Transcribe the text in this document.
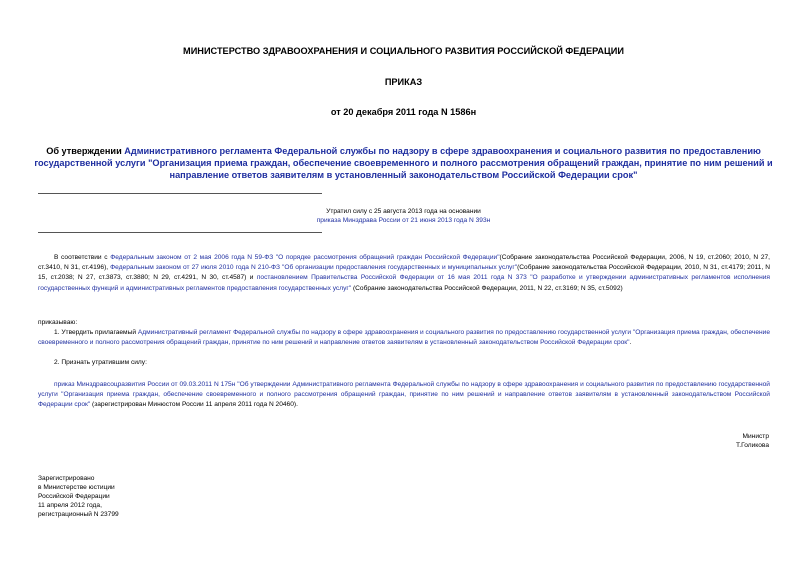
МИНИСТЕРСТВО ЗДРАВООХРАНЕНИЯ И СОЦИАЛЬНОГО РАЗВИТИЯ РОССИЙСКОЙ ФЕДЕРАЦИИ
ПРИКАЗ
от 20 декабря 2011 года N 1586н
Об утверждении Административного регламента Федеральной службы по надзору в сфере здравоохранения и социального развития по предоставлению
государственной услуги "Организация приема граждан, обеспечение своевременного и полного рассмотрения обращений граждан, принятие по ним решений и
направление ответов заявителям в установленный законодательством Российской Федерации срок"
Утратил силу с 25 августа 2013 года на основании
приказа Минздрава России от 21 июня 2013 года N 393н
В соответствии с Федеральным законом от 2 мая 2006 года N 59-ФЗ "О порядке рассмотрения обращений граждан Российской Федерации"(Собрание законодательства Российской Федерации, 2006, N 19, ст.2060; 2010, N 27, ст.3410, N 31, ст.4196), Федеральным законом от 27 июля 2010 года N 210-ФЗ "Об организации предоставления государственных и муниципальных услуг"(Собрание законодательства Российской Федерации, 2010, N 31, ст.4179; 2011, N 15, ст.2038; N 27, ст.3873, ст.3880; N 29, ст.4291, N 30, ст.4587) и постановлением Правительства Российской Федерации от 16 мая 2011 года N 373 "О разработке и утверждении административных регламентов исполнения государственных функций и административных регламентов предоставления государственных услуг" (Собрание законодательства Российской Федерации, 2011, N 22, ст.3169; N 35, ст.5092)
приказываю:
1. Утвердить прилагаемый Административный регламент Федеральной службы по надзору в сфере здравоохранения и социального развития по предоставлению государственной услуги "Организация приема граждан, обеспечение своевременного и полного рассмотрения обращений граждан, принятие по ним решений и направление ответов заявителям в установленный законодательством Российской Федерации срок".
2. Признать утратившим силу:
приказ Минздравсоцразвития России от 09.03.2011 N 175н "Об утверждении Административного регламента Федеральной службы по надзору в сфере здравоохранения и социального развития по предоставлению государственной услуги "Организация приема граждан, обеспечение своевременного и полного рассмотрения обращений граждан, принятие по ним решений и направление ответов заявителям в установленный законодательством Российской Федерации срок" (зарегистрирован Минюстом России 11 апреля 2011 года N 20460).
Министр
Т.Голикова
Зарегистрировано
в Министерстве юстиции
Российской Федерации
11 апреля 2012 года,
регистрационный N 23799
